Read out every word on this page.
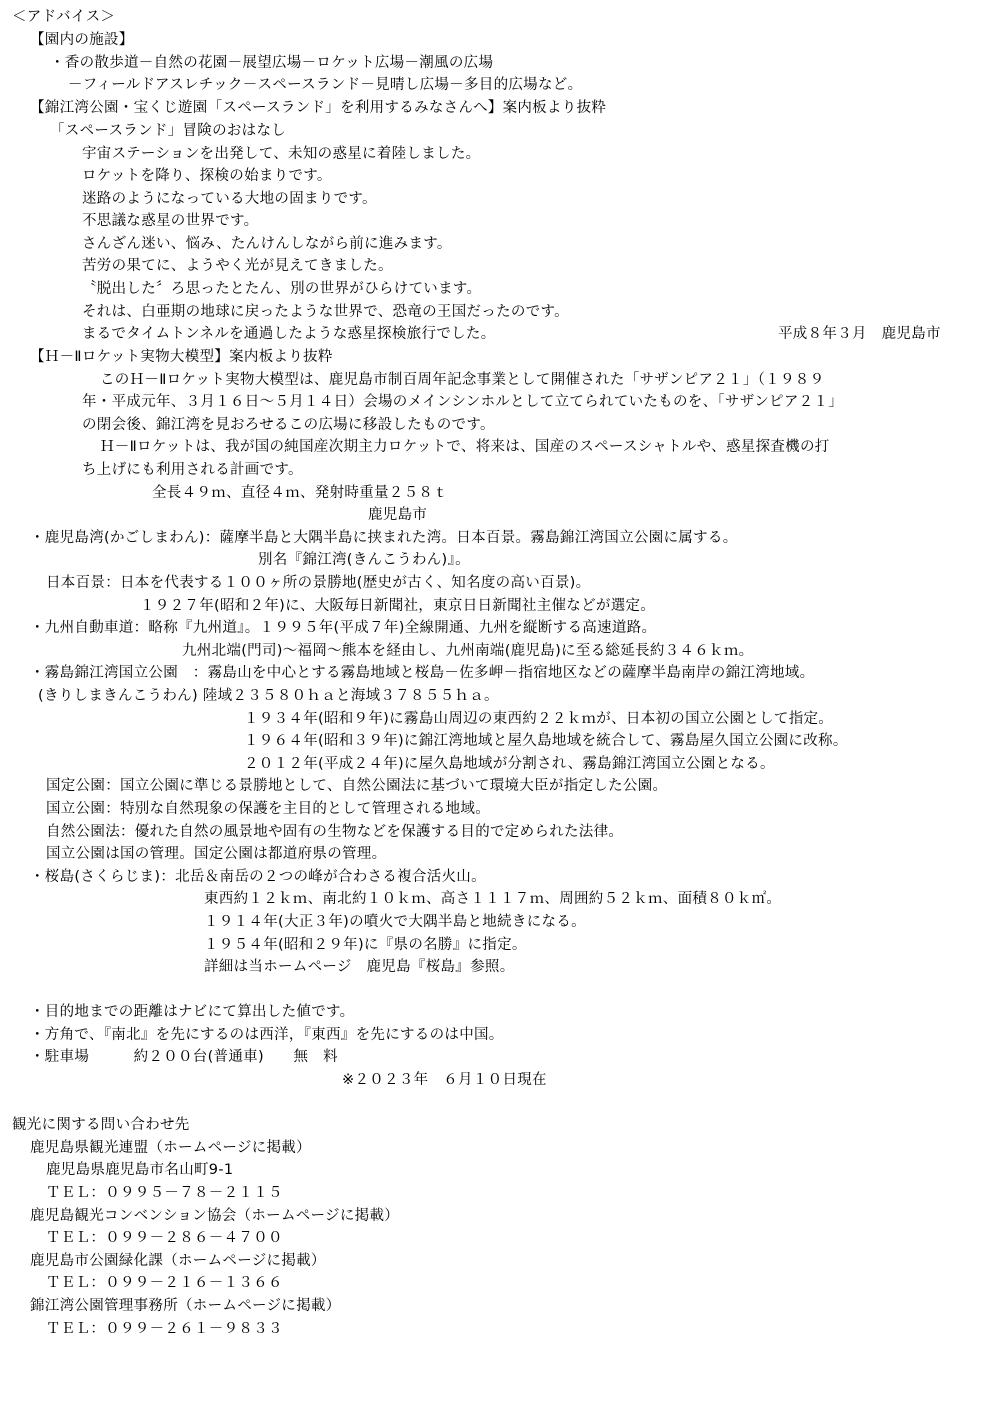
＜アドバイス＞
【園内の施設】
・香の散歩道－自然の花園－展望広場－ロケット広場－潮風の広場
－フィールドアスレチック－スペースランド－見晴し広場－多目的広場など。
【錦江湾公園・宝くじ遊園「スペースランド」を利用するみなさんへ】案内板より抜粋
「スペースランド」冒険のおはなし
宇宙ステーションを出発して、未知の惑星に着陸しました。
ロケットを降り、探検の始まりです。
迷路のようになっている大地の固まりです。
不思議な惑星の世界です。
さんざん迷い、悩み、たんけんしながら前に進みます。
苦労の果てに、ようやく光が見えてきました。
〝脱出した〞ろ思ったとたん、別の世界がひらけています。
それは、白亜期の地球に戻ったような世界で、恐竜の王国だったのです。
まるでタイムトンネルを通過したような惑星探検旅行でした。	平成８年３月　鹿児島市
【Ｈ－Ⅱロケット実物大模型】案内板より抜粋
このＨ－Ⅱロケット実物大模型は、鹿児島市制百周年記念事業として開催された「サザンピア２１」（１９８９
年・平成元年、３月１６日～５月１４日）会場のメインシンホルとして立てられていたものを、「サザンピア２１」
の閉会後、錦江湾を見おろせるこの広場に移設したものです。
Ｈ－Ⅱロケットは、我が国の純国産次期主力ロケットで、将来は、国産のスペースシャトルや、惑星探査機の打
ち上げにも利用される計画です。
全長４９ｍ、直径４ｍ、発射時重量２５８ｔ
鹿児島市
・鹿児島湾(かごしまわん)：薩摩半島と大隅半島に挟まれた湾。日本百景。霧島錦江湾国立公園に属する。
別名『錦江湾(きんこうわん)』。
日本百景：日本を代表する１００ヶ所の景勝地(歴史が古く、知名度の高い百景)。
１９２７年(昭和２年)に、大阪毎日新聞社，東京日日新聞社主催などが選定。
・九州自動車道：略称『九州道』。１９９５年(平成７年)全線開通、九州を縦断する高速道路。
九州北端(門司)～福岡～熊本を経由し、九州南端(鹿児島)に至る総延長約３４６ｋｍ。
・霧島錦江湾国立公園　：霧島山を中心とする霧島地域と桜島－佐多岬－指宿地区などの薩摩半島南岸の錦江湾地域。
(きりしまきんこうわん) 陸域２３５８０ｈａと海域３７８５５ｈａ。
１９３４年(昭和９年)に霧島山周辺の東西約２２ｋｍが、日本初の国立公園として指定。
１９６４年(昭和３９年)に錦江湾地域と屋久島地域を統合して、霧島屋久国立公園に改称。
２０１２年(平成２４年)に屋久島地域が分割され、霧島錦江湾国立公園となる。
国定公園：国立公園に準じる景勝地として、自然公園法に基づいて環境大臣が指定した公園。
国立公園：特別な自然現象の保護を主目的として管理される地域。
自然公園法：優れた自然の風景地や固有の生物などを保護する目的で定められた法律。
国立公園は国の管理。国定公園は都道府県の管理。
・桜島(さくらじま)：北岳＆南岳の２つの峰が合わさる複合活火山。
東西約１２ｋｍ、南北約１０ｋｍ、高さ１１１７ｍ、周囲約５２ｋｍ、面積８０ｋ㎡。
１９１４年(大正３年)の噴火で大隅半島と地続きになる。
１９５４年(昭和２９年)に『県の名勝』に指定。
詳細は当ホームページ　鹿児島『桜島』参照。
・目的地までの距離はナビにて算出した値です。
・方角で、『南北』を先にするのは西洋，『東西』を先にするのは中国。
・駐車場　　　約２００台(普通車)　　無　料
※２０２３年　６月１０日現在
観光に関する問い合わせ先
鹿児島県観光連盟（ホームページに掲載）
鹿児島県鹿児島市名山町9-1
ＴＥＬ：０９９５－７８－２１１５
鹿児島観光コンベンション協会（ホームページに掲載）
ＴＥＬ：０９９－２８６－４７００
鹿児島市公園緑化課（ホームページに掲載）
ＴＥＬ：０９９－２１６－１３６６
錦江湾公園管理事務所（ホームページに掲載）
ＴＥＬ：０９９－２６１－９８３３
